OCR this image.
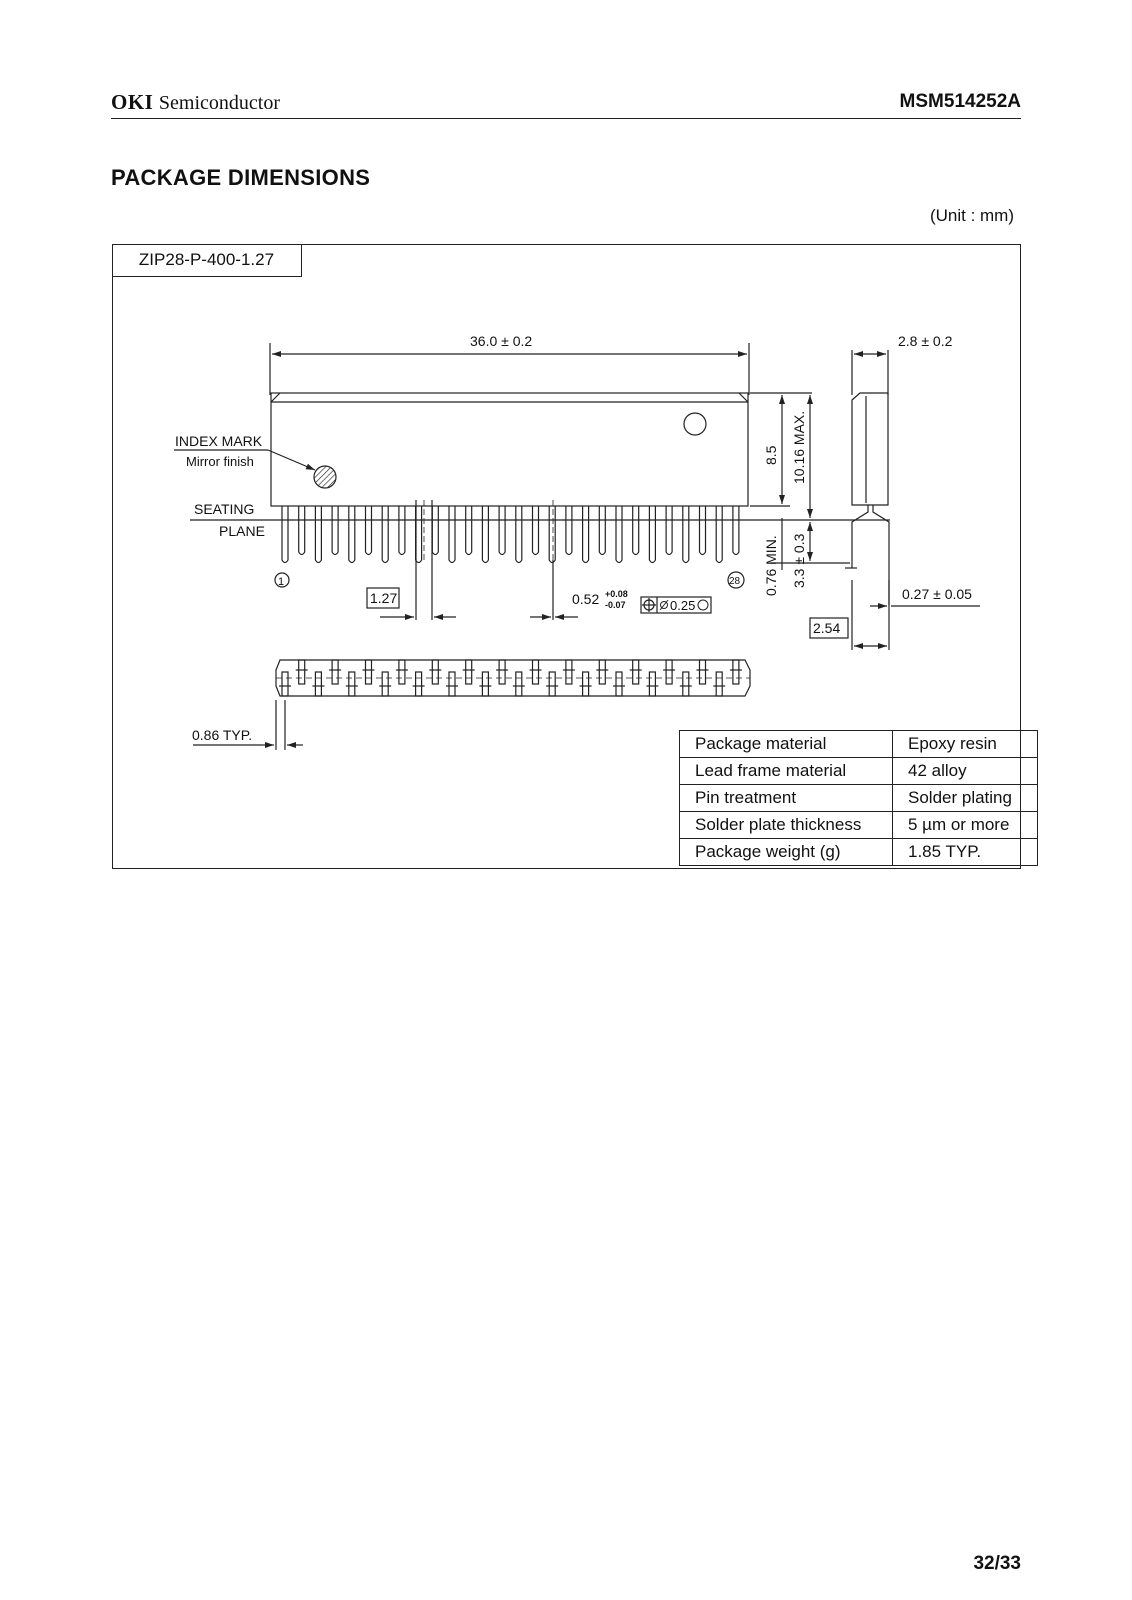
OKI Semiconductor	MSM514252A
PACKAGE DIMENSIONS
(Unit : mm)
ZIP28-P-400-1.27
36.0 ± 0.2
INDEX MARK
Mirror finish
SEATING
PLANE
1	28
1.27	0.52 +0.08
-0.07	0.25
8.5 10.16 MAX.
0.76 MIN. 3.3 ± 0.3
2.8 ± 0.2
0.27 ± 0.05
2.54
0.86 TYP.	Package material	Epoxy resin
Lead frame material	42 alloy
Pin treatment	Solder plating
Solder plate thickness	5 µm or more
Package weight (g)	1.85 TYP.
32/33
